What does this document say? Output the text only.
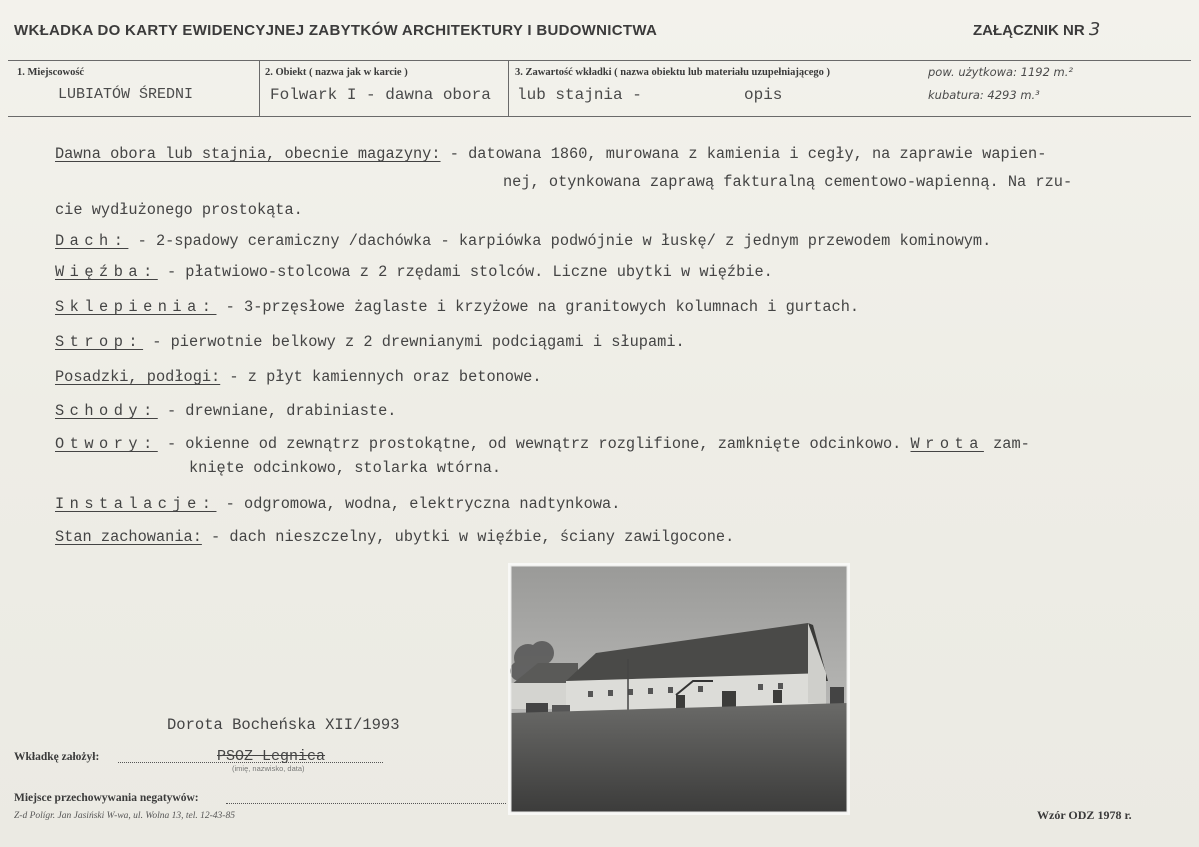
WKŁADKA DO KARTY EWIDENCYJNEJ ZABYTKÓW ARCHITEKTURY I BUDOWNICTWA	ZAŁĄCZNIK NR 3
1. Miejscowość
LUBIATÓW ŚREDNI
2. Obiekt ( nazwa jak w karcie )
Folwark I - dawna obora
3. Zawartość wkładki ( nazwa obiektu lub materiału uzupełniającego )
lub stajnia -	opis
pow. użytkowa: 1192 m.²
kubatura: 4293 m.³
Dawna obora lub stajnia, obecnie magazyny: - datowana 1860, murowana z kamienia i cegły, na zaprawie wapien-
nej, otynkowana zaprawą fakturalną cementowo-wapienną. Na rzu-
cie wydłużonego prostokąta.
Dach: - 2-spadowy ceramiczny /dachówka - karpiówka podwójnie w łuskę/ z jednym przewodem kominowym.
Więźba: - płatwiowo-stolcowa z 2 rzędami stolców. Liczne ubytki w więźbie.
Sklepienia: - 3-przęsłowe żaglaste i krzyżowe na granitowych kolumnach i gurtach.
Strop: - pierwotnie belkowy z 2 drewnianymi podciągami i słupami.
Posadzki, podłogi: - z płyt kamiennych oraz betonowe.
Schody: - drewniane, drabiniaste.
Otwory: - okienne od zewnątrz prostokątne, od wewnątrz rozglifione, zamknięte odcinkowo. Wrota zam-
knięte odcinkowo, stolarka wtórna.
Instalacje: - odgromowa, wodna, elektryczna nadtynkowa.
Stan zachowania: - dach nieszczelny, ubytki w więźbie, ściany zawilgocone.
Dorota Bocheńska XII/1993
Wkładkę założył:	PSOZ Legnica
(imię, nazwisko, data)
Miejsce przechowywania negatywów:
Z-d Polígr. Jan Jasiński W-wa, ul. Wolna 13, tel. 12-43-85	Wzór ODZ 1978 r.
